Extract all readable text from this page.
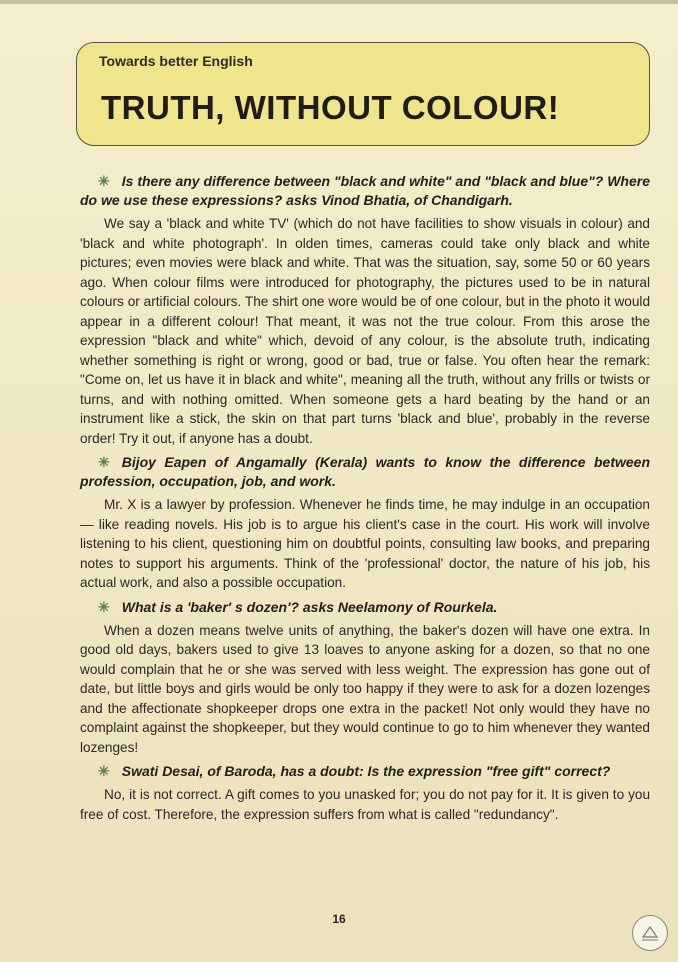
Towards better English
TRUTH, WITHOUT COLOUR!

✳ Is there any difference between "black and white" and "black and blue"? Where do we use these expressions? asks Vinod Bhatia, of Chandigarh.

We say a 'black and white TV' (which do not have facilities to show visuals in colour) and 'black and white photograph'. In olden times, cameras could take only black and white pictures; even movies were black and white. That was the situation, say, some 50 or 60 years ago. When colour films were introduced for photography, the pictures used to be in natural colours or artificial colours. The shirt one wore would be of one colour, but in the photo it would appear in a different colour! That meant, it was not the true colour. From this arose the expression "black and white" which, devoid of any colour, is the absolute truth, indicating whether something is right or wrong, good or bad, true or false. You often hear the remark: "Come on, let us have it in black and white", meaning all the truth, without any frills or twists or turns, and with nothing omitted. When someone gets a hard beating by the hand or an instrument like a stick, the skin on that part turns 'black and blue', probably in the reverse order! Try it out, if anyone has a doubt.

✳ Bijoy Eapen of Angamally (Kerala) wants to know the difference between profession, occupation, job, and work.

Mr. X is a lawyer by profession. Whenever he finds time, he may indulge in an occupation — like reading novels. His job is to argue his client's case in the court. His work will involve listening to his client, questioning him on doubtful points, consulting law books, and preparing notes to support his arguments. Think of the 'professional' doctor, the nature of his job, his actual work, and also a possible occupation.

✳ What is a 'baker' s dozen'? asks Neelamony of Rourkela.

When a dozen means twelve units of anything, the baker's dozen will have one extra. In good old days, bakers used to give 13 loaves to anyone asking for a dozen, so that no one would complain that he or she was served with less weight. The expression has gone out of date, but little boys and girls would be only too happy if they were to ask for a dozen lozenges and the affectionate shopkeeper drops one extra in the packet! Not only would they have no complaint against the shopkeeper, but they would continue to go to him whenever they wanted lozenges!

✳ Swati Desai, of Baroda, has a doubt: Is the expression "free gift" correct?

No, it is not correct. A gift comes to you unasked for; you do not pay for it. It is given to you free of cost. Therefore, the expression suffers from what is called "redundancy".

16
